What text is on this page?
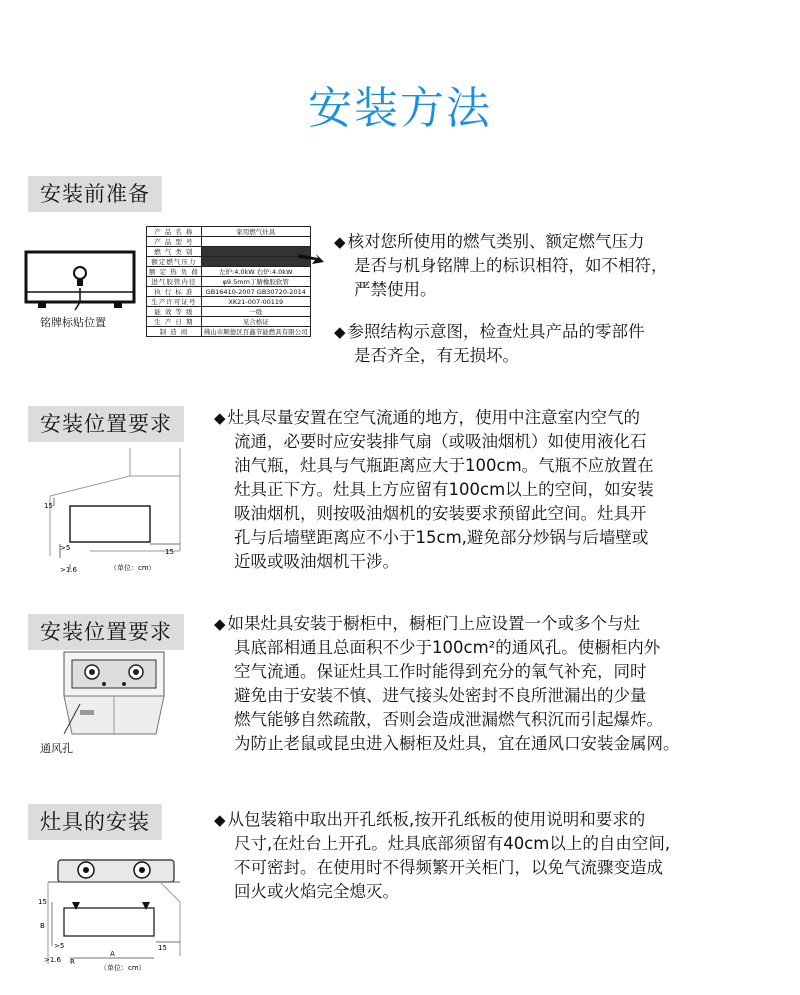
安装方法
安装前准备
铭牌标贴位置
产 品 名 称	家用燃气灶具
产 品 型 号	
燃 气 类 别	
额定燃气压力	
额 定 热 负 荷	左炉:4.0kW 右炉:4.0kW
进气胶管内径	φ9.5mm丁腈橡胶软管
执 行 标 准	GB16410-2007 GB30720-2014
生产许可证号	XK21-007-00119
能 效 等 级	一级
生 产 日 期	见合格证
制 造 商	佛山市顺德区百鑫节能燃具有限公司
◆ 核对您所使用的燃气类别、额定燃气压力
是否与机身铭牌上的标识相符，如不相符，
严禁使用。
◆ 参照结构示意图，检查灶具产品的零部件
是否齐全，有无损坏。
安装位置要求
15
15
>5
>1.6	（单位：cm）
◆ 灶具尽量安置在空气流通的地方，使用中注意室内空气的
流通，必要时应安装排气扇（或吸油烟机）如使用液化石
油气瓶，灶具与气瓶距离应大于100cm。气瓶不应放置在
灶具正下方。灶具上方应留有100cm以上的空间，如安装
吸油烟机，则按吸油烟机的安装要求预留此空间。灶具开
孔与后墙壁距离应不小于15cm,避免部分炒锅与后墙壁或
近吸或吸油烟机干涉。
安装位置要求
通风孔
◆ 如果灶具安装于橱柜中，橱柜门上应设置一个或多个与灶
具底部相通且总面积不少于100cm²的通风孔。使橱柜内外
空气流通。保证灶具工作时能得到充分的氧气补充，同时
避免由于安装不慎、进气接头处密封不良所泄漏出的少量
燃气能够自然疏散，否则会造成泄漏燃气积沉而引起爆炸。
为防止老鼠或昆虫进入橱柜及灶具，宜在通风口安装金属网。
灶具的安装
15
B
>5
>1.6
15
R
A
（单位：cm）
◆ 从包装箱中取出开孔纸板,按开孔纸板的使用说明和要求的
尺寸,在灶台上开孔。灶具底部须留有40cm以上的自由空间,
不可密封。在使用时不得频繁开关柜门，以免气流骤变造成
回火或火焰完全熄灭。
